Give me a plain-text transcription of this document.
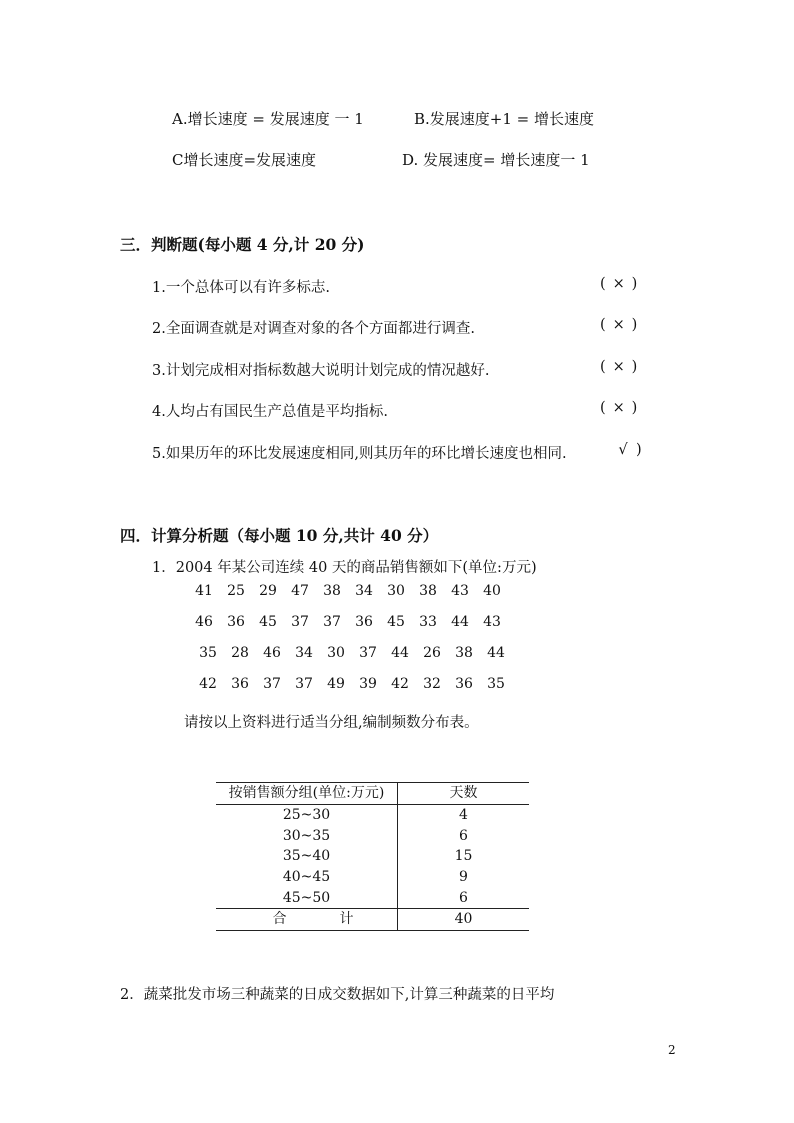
A.增长速度 = 发展速度 一 1	B.发展速度+1 = 增长速度
C增长速度=发展速度	D. 发展速度= 增长速度一 1
三．判断题(每小题 4 分,计 20 分)
1.一个总体可以有许多标志.	( × )
2.全面调查就是对调查对象的各个方面都进行调查.	( × )
3.计划完成相对指标数越大说明计划完成的情况越好.	( × )
4.人均占有国民生产总值是平均指标.	( × )
5.如果历年的环比发展速度相同,则其历年的环比增长速度也相同.	√ )
四．计算分析题（每小题 10 分,共计 40 分）
1．2004 年某公司连续 40 天的商品销售额如下(单位:万元)
41 25 29 47 38 34 30 38 43 40
46 36 45 37 37 36 45 33 44 43
35 28 46 34 30 37 44 26 38 44
42 36 37 37 49 39 42 32 36 35
请按以上资料进行适当分组,编制频数分布表。
按销售额分组(单位:万元)	天数
25~30	4
30~35	6
35~40	15
40~45	9
45~50	6
合 计	40
2．蔬菜批发市场三种蔬菜的日成交数据如下,计算三种蔬菜的日平均
2
